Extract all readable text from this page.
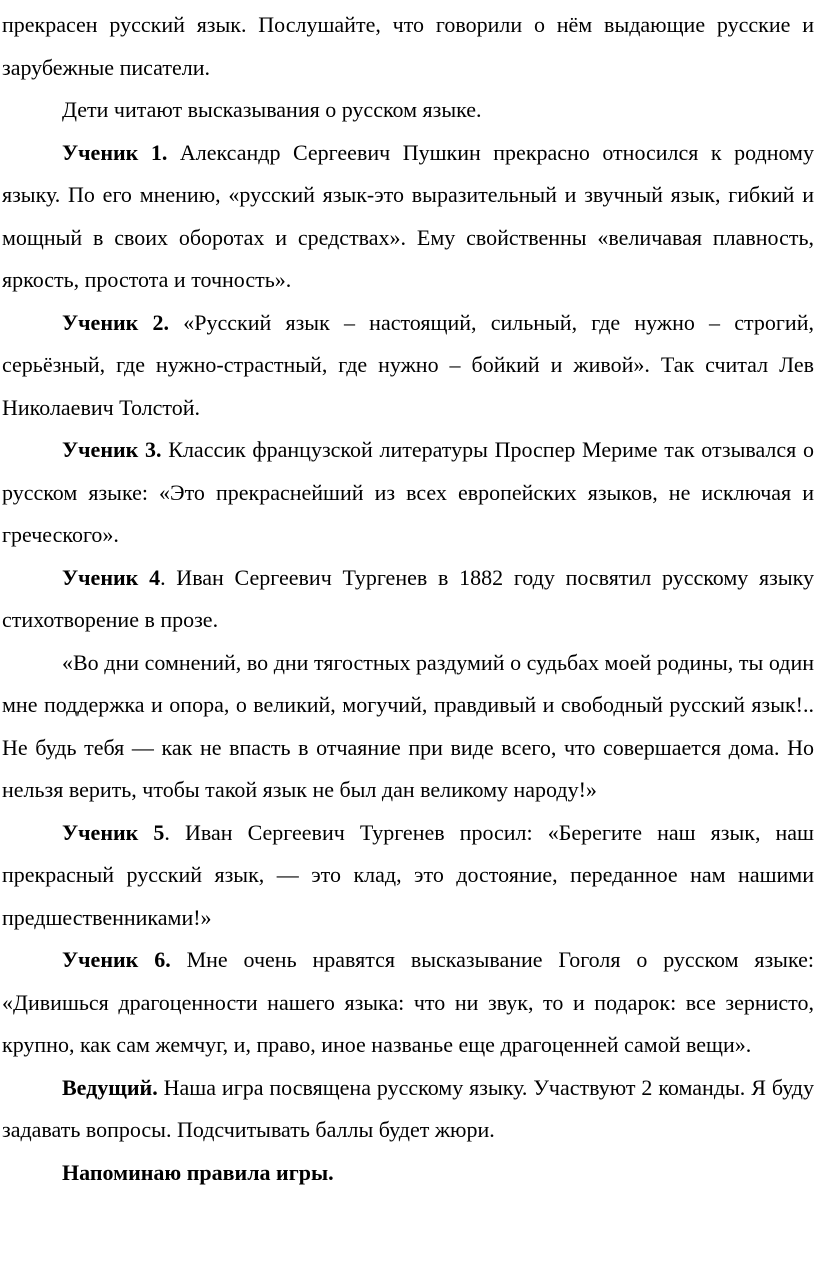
прекрасен русский язык. Послушайте, что говорили о нём выдающие русские и зарубежные писатели.

Дети читают высказывания о русском языке.

Ученик 1. Александр Сергеевич Пушкин прекрасно относился к родному языку. По его мнению, «русский язык-это выразительный и звучный язык, гибкий и мощный в своих оборотах и средствах». Ему свойственны «величавая плавность, яркость, простота и точность».

Ученик 2. «Русский язык – настоящий, сильный, где нужно – строгий, серьёзный, где нужно-страстный, где нужно – бойкий и живой». Так считал Лев Николаевич Толстой.

Ученик 3. Классик французской литературы Проспер Мериме так отзывался о русском языке: «Это прекраснейший из всех европейских языков, не исключая и греческого».

Ученик 4. Иван Сергеевич Тургенев в 1882 году посвятил русскому языку стихотворение в прозе.

«Во дни сомнений, во дни тягостных раздумий о судьбах моей родины, ты один мне поддержка и опора, о великий, могучий, правдивый и свободный русский язык!.. Не будь тебя — как не впасть в отчаяние при виде всего, что совершается дома. Но нельзя верить, чтобы такой язык не был дан великому народу!»

Ученик 5. Иван Сергеевич Тургенев просил: «Берегите наш язык, наш прекрасный русский язык, — это клад, это достояние, переданное нам нашими предшественниками!»

Ученик 6. Мне очень нравятся высказывание Гоголя о русском языке: «Дивишься драгоценности нашего языка: что ни звук, то и подарок: все зернисто, крупно, как сам жемчуг, и, право, иное названье еще драгоценней самой вещи».

Ведущий. Наша игра посвящена русскому языку. Участвуют 2 команды. Я буду задавать вопросы. Подсчитывать баллы будет жюри.

Напоминаю правила игры.
